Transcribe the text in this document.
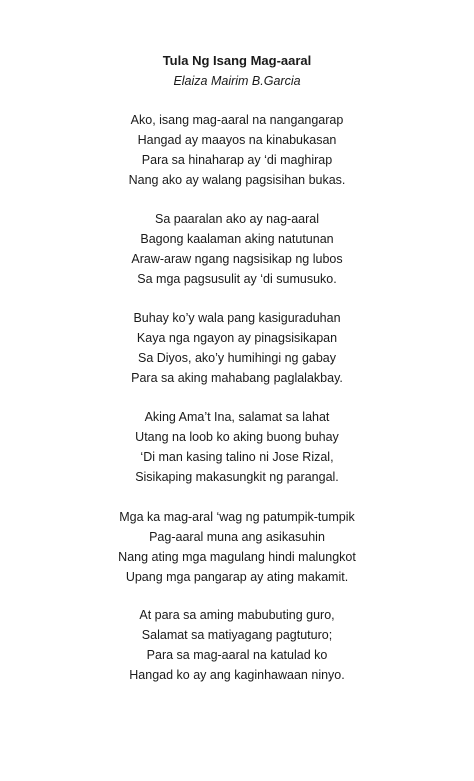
Tula Ng Isang Mag-aaral

Elaiza Mairim B.Garcia

Ako, isang mag-aaral na nangangarap
Hangad ay maayos na kinabukasan
Para sa hinaharap ay ‘di maghirap
Nang ako ay walang pagsisihan bukas.
Sa paaralan ako ay nag-aaral
Bagong kaalaman aking natutunan
Araw-araw ngang nagsisikap ng lubos
Sa mga pagsusulit ay ‘di sumusuko.
Buhay ko’y wala pang kasiguraduhan
Kaya nga ngayon ay pinagsisikapan
Sa Diyos, ako’y humihingi ng gabay
Para sa aking mahabang paglalakbay.
Aking Ama’t Ina, salamat sa lahat
Utang na loob ko aking buong buhay
‘Di man kasing talino ni Jose Rizal,
Sisikaping makasungkit ng parangal.
Mga ka mag-aral ‘wag ng patumpik-tumpik
Pag-aaral muna ang asikasuhin
Nang ating mga magulang hindi malungkot
Upang mga pangarap ay ating makamit.
At para sa aming mabubuting guro,
Salamat sa matiyagang pagtuturo;
Para sa mag-aaral na katulad ko
Hangad ko ay ang kaginhawaan ninyo.
